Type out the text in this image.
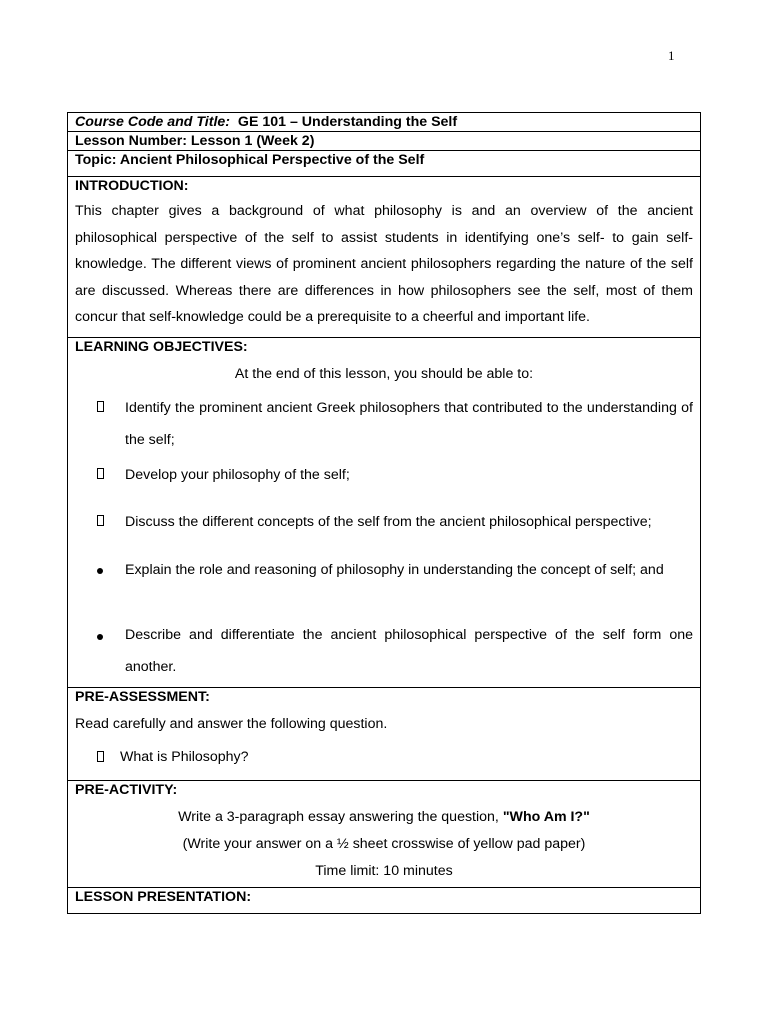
1
Course Code and Title: GE 101 – Understanding the Self
Lesson Number: Lesson 1 (Week 2)
Topic: Ancient Philosophical Perspective of the Self
INTRODUCTION:
This chapter gives a background of what philosophy is and an overview of the ancient philosophical perspective of the self to assist students in identifying one’s self- to gain self-knowledge. The different views of prominent ancient philosophers regarding the nature of the self are discussed. Whereas there are differences in how philosophers see the self, most of them concur that self-knowledge could be a prerequisite to a cheerful and important life.
LEARNING OBJECTIVES:
At the end of this lesson, you should be able to:
Identify the prominent ancient Greek philosophers that contributed to the understanding of the self;
Develop your philosophy of the self;
Discuss the different concepts of the self from the ancient philosophical perspective;
Explain the role and reasoning of philosophy in understanding the concept of self; and
Describe and differentiate the ancient philosophical perspective of the self form one another.
PRE-ASSESSMENT:
Read carefully and answer the following question.
What is Philosophy?
PRE-ACTIVITY:
Write a 3-paragraph essay answering the question, "Who Am I?"
(Write your answer on a ½ sheet crosswise of yellow pad paper)
Time limit: 10 minutes
LESSON PRESENTATION:
